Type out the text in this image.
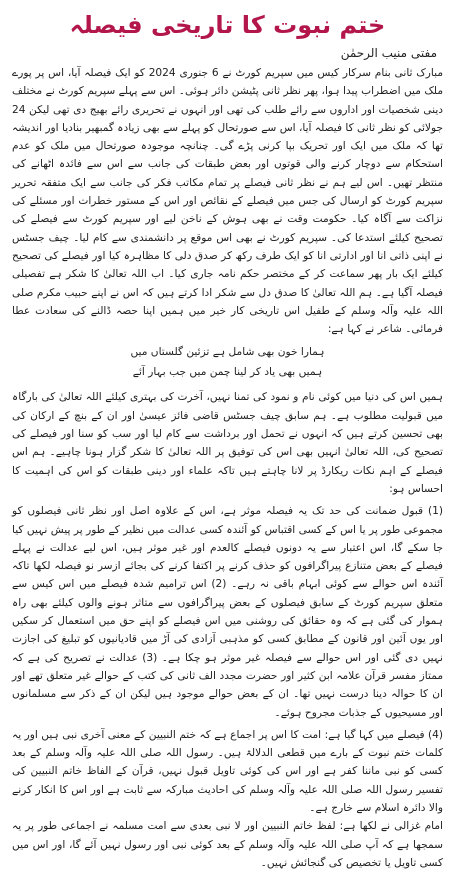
ختم نبوت کا تاریخی فیصلہ
مفتی منیب الرحمٰن

مبارک ثانی بنام سرکار کیس میں سپریم کورٹ نے 6 جنوری 2024 کو ایک فیصلہ آیا، اس پر پورے ملک میں اضطراب پیدا ہوا، پھر نظر ثانی پٹیشن دائر ہوئی۔ اس سے پہلے سپریم کورٹ نے مختلف دینی شخصیات اور اداروں سے رائے طلب کی تھی اور انہوں نے تحریری رائے بھیج دی تھی لیکن 24 جولائی کو نظر ثانی کا فیصلہ آیا، اس سے صورتحال کو پہلے سے بھی زیادہ گمبھیر بنادیا اور اندیشہ تھا کہ ملک میں ایک اور تحریک بپا کرنی پڑے گی۔ چنانچہ موجودہ صورتحال میں ملک کو عدم استحکام سے دوچار کرنے والی قوتوں اور بعض طبقات کی جانب سے اس سے فائدہ اٹھانے کی منتظر تھیں۔ اس لیے ہم نے نظر ثانی فیصلے پر تمام مکاتب فکر کی جانب سے ایک متفقہ تحریر سپریم کورٹ کو ارسال کی جس میں فیصلے کے نقائص اور اس کے مستور خطرات اور مسئلے کی نزاکت سے آگاہ کیا۔ حکومت وقت نے بھی ہوش کے ناخن لیے اور سپریم کورٹ سے فیصلے کی تصحیح کیلئے استدعا کی۔ سپریم کورٹ نے بھی اس موقع پر دانشمندی سے کام لیا۔ چیف جسٹس نے اپنی ذاتی انا اور ادارتی انا کو ایک طرف رکھ کر صدق دلی کا مظاہرہ کیا اور فیصلے کی تصحیح کیلئے ایک بار پھر سماعت کر کے مختصر حکم نامہ جاری کیا۔ اب اللہ تعالیٰ کا شکر ہے تفصیلی فیصلہ آگیا ہے۔ ہم اللہ تعالیٰ کا صدق دل سے شکر ادا کرتے ہیں کہ اس نے اپنے حبیب مکرم صلی اللہ علیہ وآلہ وسلم کے طفیل اس تاریخی کار خیر میں ہمیں اپنا حصہ ڈالنے کی سعادت عطا فرمائی۔ شاعر نے کہا ہے:

ہمارا خون بھی شامل ہے تزئین گلستاں میں

ہمیں بھی یاد کر لینا چمن میں جب بہار آئے

ہمیں اس کی دنیا میں کوئی نام و نمود کی تمنا نہیں، آخرت کی بہتری کیلئے اللہ تعالیٰ کی بارگاہ میں قبولیت مطلوب ہے۔ ہم سابق چیف جسٹس قاضی فائز عیسیٰ اور ان کے بنچ کے ارکان کی بھی تحسین کرتے ہیں کہ انہوں نے تحمل اور برداشت سے کام لیا اور سب کو سنا اور فیصلے کی تصحیح کی، اللہ تعالیٰ انہیں بھی اس کی توفیق پر اللہ تعالیٰ کا شکر گزار ہونا چاہیے۔ ہم اس فیصلے کے اہم نکات ریکارڈ پر لانا چاہتے ہیں تاکہ علماء اور دینی طبقات کو اس کی اہمیت کا احساس ہو:

(1) قبول ضمانت کی حد تک یہ فیصلہ موثر ہے، اس کے علاوہ اصل اور نظر ثانی فیصلوں کو مجموعی طور پر یا اس کے کسی اقتباس کو آئندہ کسی عدالت میں نظیر کے طور پر پیش نہیں کیا جا سکے گا، اس اعتبار سے یہ دونوں فیصلے کالعدم اور غیر موثر ہیں، اس لیے عدالت نے پہلے فیصلے کے بعض متنازع پیراگرافوں کو حذف کرنے پر اکتفا کرنے کی بجائے ازسر نو فیصلہ لکھا تاکہ آئندہ اس حوالے سے کوئی ابہام باقی نہ رہے۔ (2) اس ترامیم شدہ فیصلے میں اس کیس سے متعلق سپریم کورٹ کے سابق فیصلوں کے بعض پیراگرافوں سے متاثر ہونے والوں کیلئے بھی راہ ہموار کی گئی ہے کہ وہ حقائق کی روشنی میں اس فیصلے کو اپنے حق میں استعمال کر سکیں اور یوں آئین اور قانون کے مطابق کسی کو مذہبی آزادی کی آڑ میں قادیانیوں کو تبلیغ کی اجازت نہیں دی گئی اور اس حوالے سے فیصلہ غیر موثر ہو چکا ہے۔ (3) عدالت نے تصریح کی ہے کہ ممتاز مفسر قرآن علامہ ابن کثیر اور حضرت مجدد الف ثانی کی کتب کے حوالے غیر متعلق تھے اور ان کا حوالہ دینا درست نہیں تھا۔ ان کے بعض حوالے موجود ہیں لیکن ان کے ذکر سے مسلمانوں اور مسیحیوں کے جذبات مجروح ہوئے۔

(4) فیصلے میں کہا گیا ہے: امت کا اس پر اجماع ہے کہ ختم النبیین کے معنی آخری نبی ہیں اور یہ کلمات ختم نبوت کے بارے میں قطعی الدلالۃ ہیں۔ رسول اللہ صلی اللہ علیہ وآلہ وسلم کے بعد کسی کو نبی ماننا کفر ہے اور اس کی کوئی تاویل قبول نہیں، قرآن کے الفاظ خاتم النبیین کی تفسیر رسول اللہ صلی اللہ علیہ وآلہ وسلم کی احادیث مبارکہ سے ثابت ہے اور اس کا انکار کرنے والا دائرہ اسلام سے خارج ہے۔

امام غزالی نے لکھا ہے: لفظ خاتم النبیین اور لا نبی بعدی سے امت مسلمہ نے اجماعی طور پر یہ سمجھا ہے کہ آپ صلی اللہ علیہ وآلہ وسلم کے بعد کوئی نبی اور رسول نہیں آئے گا، اور اس میں کسی تاویل یا تخصیص کی گنجائش نہیں۔
